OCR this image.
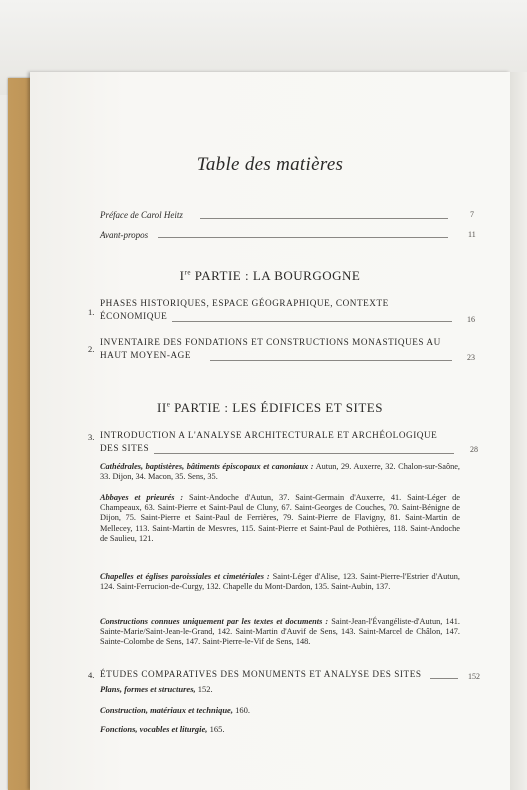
Table des matières
Préface de Carol Heitz	7
Avant-propos	11
Ire PARTIE : LA BOURGOGNE
1.
PHASES HISTORIQUES, ESPACE GÉOGRAPHIQUE, CONTEXTE
ÉCONOMIQUE	16
2.
INVENTAIRE DES FONDATIONS ET CONSTRUCTIONS MONASTIQUES AU
HAUT MOYEN-AGE	23
IIe PARTIE : LES ÉDIFICES ET SITES
3. INTRODUCTION A L'ANALYSE ARCHITECTURALE ET ARCHÉOLOGIQUE
DES SITES	28
Cathédrales, baptistères, bâtiments épiscopaux et canoniaux : Autun, 29. Auxerre, 32. Chalon-sur-Saône, 33. Dijon, 34. Macon, 35. Sens, 35.
Abbayes et prieurés : Saint-Andoche d'Autun, 37. Saint-Germain d'Auxerre, 41. Saint-Léger de Champeaux, 63. Saint-Pierre et Saint-Paul de Cluny, 67. Saint-Georges de Couches, 70. Saint-Bénigne de Dijon, 75. Saint-Pierre et Saint-Paul de Ferrières, 79. Saint-Pierre de Flavigny, 81. Saint-Martin de Mellecey, 113. Saint-Martin de Mesvres, 115. Saint-Pierre et Saint-Paul de Pothières, 118. Saint-Andoche de Saulieu, 121.
Chapelles et églises paroissiales et cimetériales : Saint-Léger d'Alise, 123. Saint-Pierre-l'Estrier d'Autun, 124. Saint-Ferrucion-de-Curgy, 132. Chapelle du Mont-Dardon, 135. Saint-Aubin, 137.
Constructions connues uniquement par les textes et documents : Saint-Jean-l'Évangéliste-d'Autun, 141. Sainte-Marie/Saint-Jean-le-Grand, 142. Saint-Martin d'Auvif de Sens, 143. Saint-Marcel de Châlon, 147. Sainte-Colombe de Sens, 147. Saint-Pierre-le-Vif de Sens, 148.
4. ÉTUDES COMPARATIVES DES MONUMENTS ET ANALYSE DES SITES	152
Plans, formes et structures, 152.
Construction, matériaux et technique, 160.
Fonctions, vocables et liturgie, 165.
